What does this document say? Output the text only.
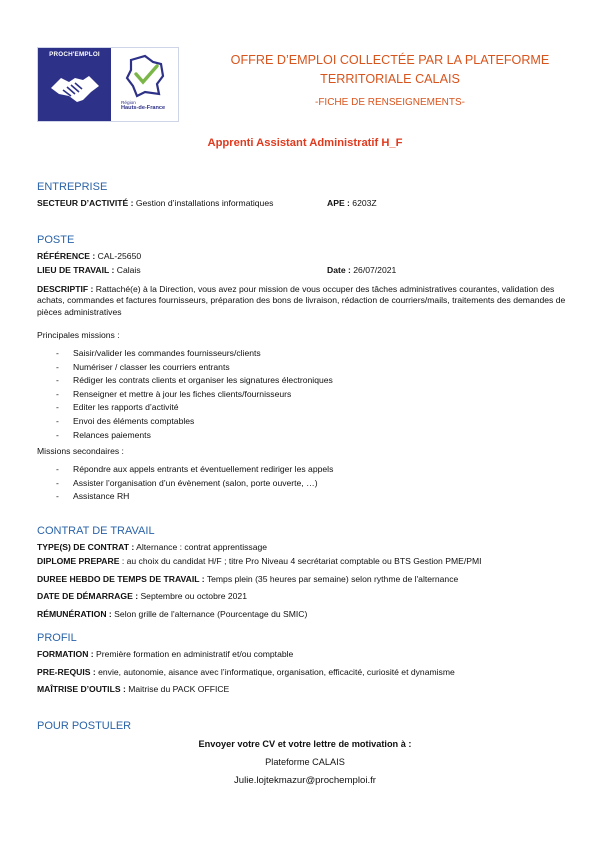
PROCH'EMPLOI
Région
Hauts-de-France
OFFRE D’EMPLOI COLLECTÉE PAR LA PLATEFORME
TERRITORIALE CALAIS
-FICHE DE RENSEIGNEMENTS-
Apprenti Assistant Administratif H_F
ENTREPRISE
SECTEUR D’ACTIVITÉ : Gestion d’installations informatiques	APE : 6203Z
POSTE
RÉFÉRENCE : CAL-25650
LIEU DE TRAVAIL : Calais	Date : 26/07/2021
DESCRIPTIF : Rattaché(e) à la Direction, vous avez pour mission de vous occuper des tâches administratives courantes, validation des achats, commandes et factures fournisseurs, préparation des bons de livraison, rédaction de courriers/mails, traitements des demandes de pièces administratives
Principales missions :
- Saisir/valider les commandes fournisseurs/clients
- Numériser / classer les courriers entrants
- Rédiger les contrats clients et organiser les signatures électroniques
- Renseigner et mettre à jour les fiches clients/fournisseurs
- Editer les rapports d’activité
- Envoi des éléments comptables
- Relances paiements
Missions secondaires :
- Répondre aux appels entrants et éventuellement rediriger les appels
- Assister l’organisation d’un évènement (salon, porte ouverte, …)
- Assistance RH
CONTRAT DE TRAVAIL
TYPE(S) DE CONTRAT : Alternance : contrat apprentissage
DIPLOME PREPARE : au choix du candidat H/F ; titre Pro Niveau 4 secrétariat comptable ou BTS Gestion PME/PMI
DUREE HEBDO DE TEMPS DE TRAVAIL : Temps plein (35 heures par semaine) selon rythme de l'alternance
DATE DE DÉMARRAGE : Septembre ou octobre 2021
RÉMUNÉRATION : Selon grille de l'alternance (Pourcentage du SMIC)
PROFIL
FORMATION : Première formation en administratif et/ou comptable
PRE-REQUIS : envie, autonomie, aisance avec l’informatique, organisation, efficacité, curiosité et dynamisme
MAÎTRISE D’OUTILS : Maitrise du PACK OFFICE
POUR POSTULER
Envoyer votre CV et votre lettre de motivation à :
Plateforme CALAIS
Julie.lojtekmazur@prochemploi.fr
